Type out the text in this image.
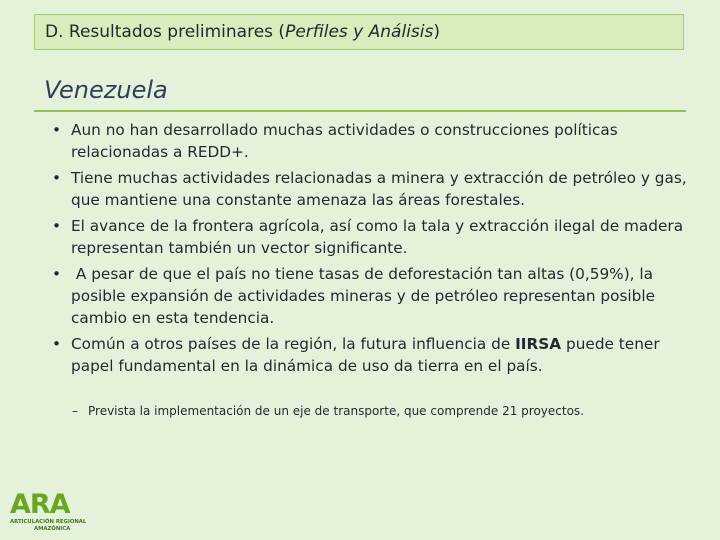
D. Resultados preliminares ( Perfiles y Análisis )
Venezuela
• Aun no han desarrollado muchas actividades o construcciones políticas relacionadas a REDD+.
• Tiene muchas actividades relacionadas a minera y extracción de petróleo y gas, que mantiene una constante amenaza las áreas forestales.
• El avance de la frontera agrícola, así como la tala y extracción ilegal de madera representan también un vector significante.
• A pesar de que el país no tiene tasas de deforestación tan altas (0,59%), la posible expansión de actividades mineras y de petróleo representan posible cambio en esta tendencia.
• Común a otros países de la región, la futura influencia de IIRSA puede tener papel fundamental en la dinámica de uso da tierra en el país.
– Prevista la implementación de un eje de transporte, que comprende 21 proyectos.
ARA
ARTICULACIÓN REGIONAL
AMAZÓNICA
